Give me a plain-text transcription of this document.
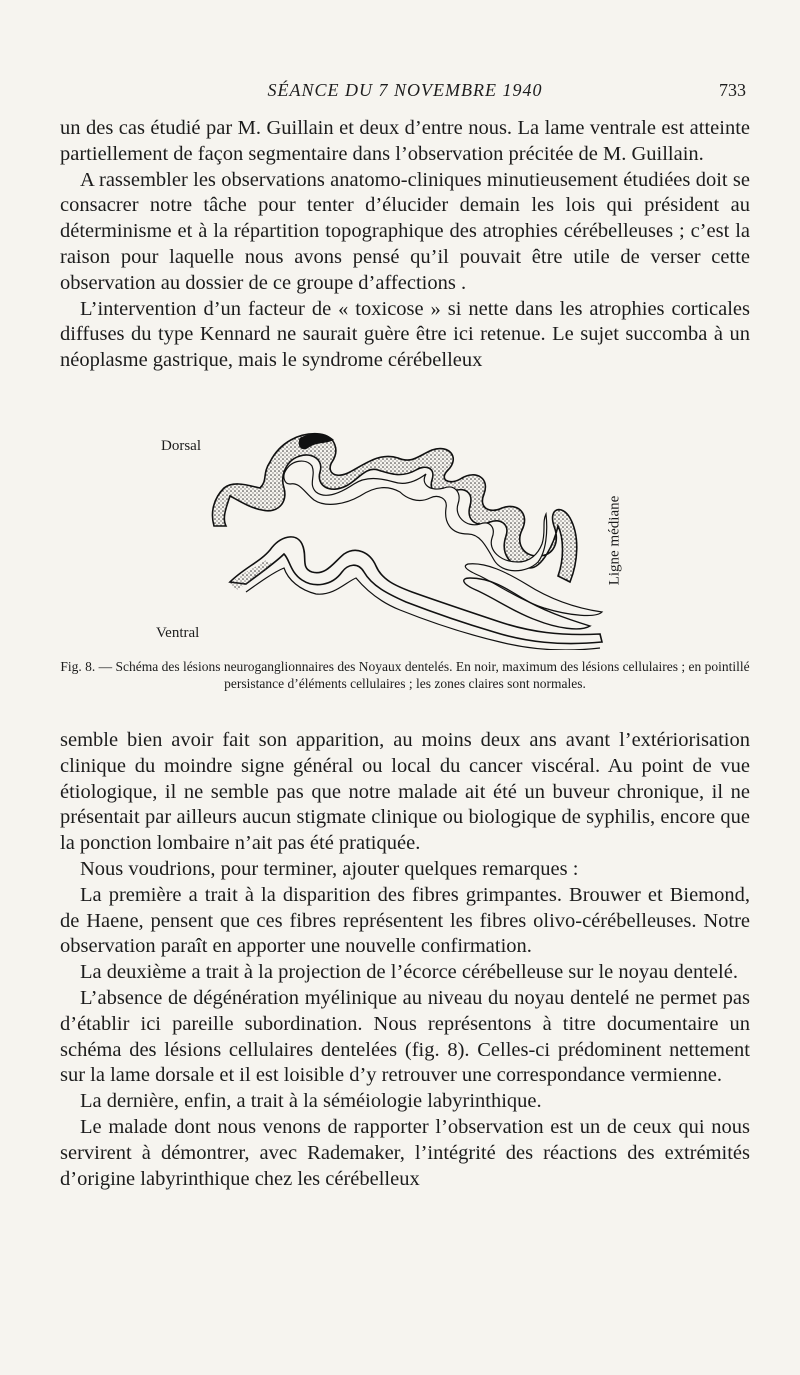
SÉANCE DU 7 NOVEMBRE 1940	733

un des cas étudié par M. Guillain et deux d’entre nous. La lame ventrale est atteinte partiellement de façon segmentaire dans l’observation précitée de M. Guillain.

A rassembler les observations anatomo-cliniques minutieusement étudiées doit se consacrer notre tâche pour tenter d’élucider demain les lois qui président au déterminisme et à la répartition topographique des atrophies cérébelleuses ; c’est la raison pour laquelle nous avons pensé qu’il pouvait être utile de verser cette observation au dossier de ce groupe d’affections .

L’intervention d’un facteur de « toxicose » si nette dans les atrophies corticales diffuses du type Kennard ne saurait guère être ici retenue. Le sujet succomba à un néoplasme gastrique, mais le syndrome cérébelleux

Dorsal
Ventral
Ligne médiane
Fig. 8. — Schéma des lésions neuroganglionnaires des Noyaux dentelés. En noir, maximum des lésions cellulaires ; en pointillé persistance d’éléments cellulaires ; les zones claires sont normales.

semble bien avoir fait son apparition, au moins deux ans avant l’extériorisation clinique du moindre signe général ou local du cancer viscéral. Au point de vue étiologique, il ne semble pas que notre malade ait été un buveur chronique, il ne présentait par ailleurs aucun stigmate clinique ou biologique de syphilis, encore que la ponction lombaire n’ait pas été pratiquée.

Nous voudrions, pour terminer, ajouter quelques remarques :

La première a trait à la disparition des fibres grimpantes. Brouwer et Biemond, de Haene, pensent que ces fibres représentent les fibres olivo-cérébelleuses. Notre observation paraît en apporter une nouvelle confirmation.

La deuxième a trait à la projection de l’écorce cérébelleuse sur le noyau dentelé.

L’absence de dégénération myélinique au niveau du noyau dentelé ne permet pas d’établir ici pareille subordination. Nous représentons à titre documentaire un schéma des lésions cellulaires dentelées (fig. 8). Celles-ci prédominent nettement sur la lame dorsale et il est loisible d’y retrouver une correspondance vermienne.

La dernière, enfin, a trait à la séméiologie labyrinthique.

Le malade dont nous venons de rapporter l’observation est un de ceux qui nous servirent à démontrer, avec Rademaker, l’intégrité des réactions des extrémités d’origine labyrinthique chez les cérébelleux
